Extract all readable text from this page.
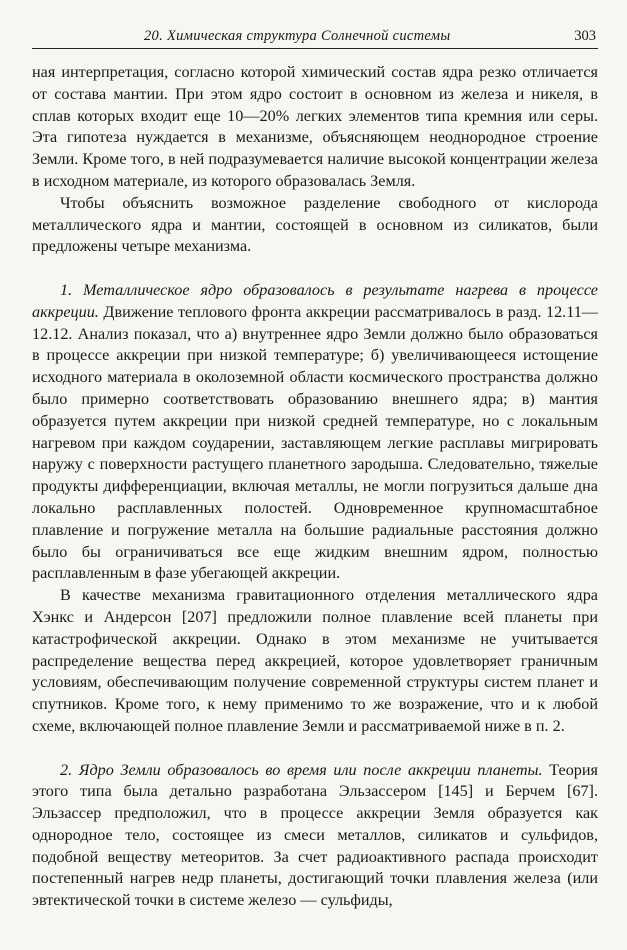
20. Химическая структура Солнечной системы	303

ная интерпретация, согласно которой химический состав ядра резко отличается от состава мантии. При этом ядро состоит в основном из железа и никеля, в сплав которых входит еще 10—20% легких элементов типа кремния или серы. Эта гипотеза нуждается в механизме, объясняющем неоднородное строение Земли. Кроме того, в ней подразумевается наличие высокой концентрации железа в исходном материале, из которого образовалась Земля.

Чтобы объяснить возможное разделение свободного от кислорода металлического ядра и мантии, состоящей в основном из силикатов, были предложены четыре механизма.

1. Металлическое ядро образовалось в результате нагрева в процессе аккреции. Движение теплового фронта аккреции рассматривалось в разд. 12.11—12.12. Анализ показал, что а) внутреннее ядро Земли должно было образоваться в процессе аккреции при низкой температуре; б) увеличивающееся истощение исходного материала в околоземной области космического пространства должно было примерно соответствовать образованию внешнего ядра; в) мантия образуется путем аккреции при низкой средней температуре, но с локальным нагревом при каждом соударении, заставляющем легкие расплавы мигрировать наружу с поверхности растущего планетного зародыша. Следовательно, тяжелые продукты дифференциации, включая металлы, не могли погрузиться дальше дна локально расплавленных полостей. Одновременное крупномасштабное плавление и погружение металла на большие радиальные расстояния должно было бы ограничиваться все еще жидким внешним ядром, полностью расплавленным в фазе убегающей аккреции.

В качестве механизма гравитационного отделения металлического ядра Хэнкс и Андерсон [207] предложили полное плавление всей планеты при катастрофической аккреции. Однако в этом механизме не учитывается распределение вещества перед аккрецией, которое удовлетворяет граничным условиям, обеспечивающим получение современной структуры систем планет и спутников. Кроме того, к нему применимо то же возражение, что и к любой схеме, включающей полное плавление Земли и рассматриваемой ниже в п. 2.

2. Ядро Земли образовалось во время или после аккреции планеты. Теория этого типа была детально разработана Эльзассером [145] и Берчем [67]. Эльзассер предположил, что в процессе аккреции Земля образуется как однородное тело, состоящее из смеси металлов, силикатов и сульфидов, подобной веществу метеоритов. За счет радиоактивного распада происходит постепенный нагрев недр планеты, достигающий точки плавления железа (или эвтектической точки в системе железо — сульфиды,
